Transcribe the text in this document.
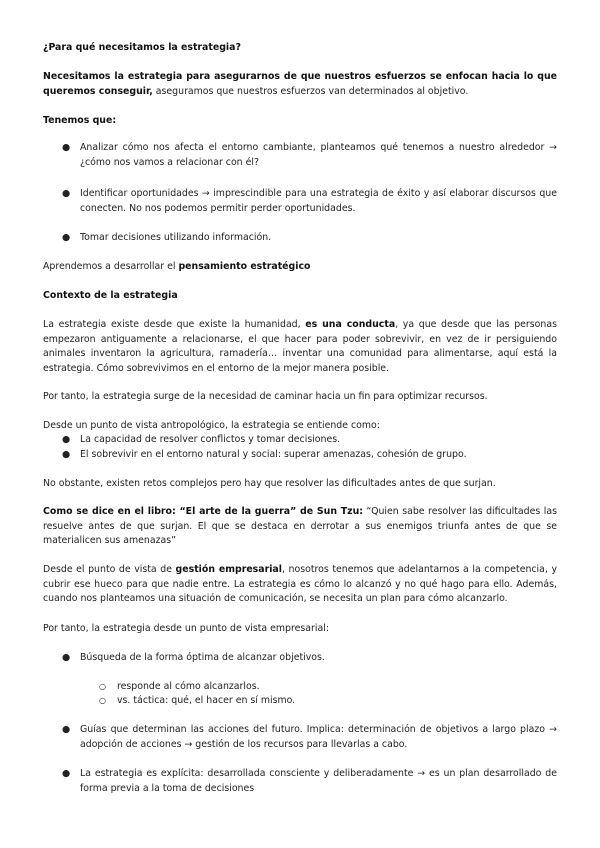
¿Para qué necesitamos la estrategia?

Necesitamos la estrategia para asegurarnos de que nuestros esfuerzos se enfocan hacia lo que queremos conseguir, aseguramos que nuestros esfuerzos van determinados al objetivo.

Tenemos que:

●	Analizar cómo nos afecta el entorno cambiante, planteamos qué tenemos a nuestro alrededor → ¿cómo nos vamos a relacionar con él?

●	Identificar oportunidades → imprescindible para una estrategia de éxito y así elaborar discursos que conecten. No nos podemos permitir perder oportunidades.

●	Tomar decisiones utilizando información.

Aprendemos a desarrollar el pensamiento estratégico

Contexto de la estrategia

La estrategia existe desde que existe la humanidad, es una conducta, ya que desde que las personas empezaron antiguamente a relacionarse, el que hacer para poder sobrevivir, en vez de ir persiguiendo animales inventaron la agricultura, ramadería… inventar una comunidad para alimentarse, aquí está la estrategia. Cómo sobrevivimos en el entorno de la mejor manera posible.

Por tanto, la estrategia surge de la necesidad de caminar hacia un fin para optimizar recursos.

Desde un punto de vista antropológico, la estrategia se entiende como:

●	La capacidad de resolver conflictos y tomar decisiones.

●	El sobrevivir en el entorno natural y social: superar amenazas, cohesión de grupo.

No obstante, existen retos complejos pero hay que resolver las dificultades antes de que surjan.

Como se dice en el libro: “El arte de la guerra” de Sun Tzu: “Quien sabe resolver las dificultades las resuelve antes de que surjan. El que se destaca en derrotar a sus enemigos triunfa antes de que se materialicen sus amenazas”

Desde el punto de vista de gestión empresarial, nosotros tenemos que adelantarnos a la competencia, y cubrir ese hueco para que nadie entre. La estrategia es cómo lo alcanzó y no qué hago para ello. Además, cuando nos planteamos una situación de comunicación, se necesita un plan para cómo alcanzarlo.

Por tanto, la estrategia desde un punto de vista empresarial:

●	Búsqueda de la forma óptima de alcanzar objetivos.

○	responde al cómo alcanzarlos.

○	vs. táctica: qué, el hacer en sí mismo.

●	Guías que determinan las acciones del futuro. Implica: determinación de objetivos a largo plazo → adopción de acciones → gestión de los recursos para llevarlas a cabo.

●	La estrategia es explícita: desarrollada consciente y deliberadamente → es un plan desarrollado de forma previa a la toma de decisiones
